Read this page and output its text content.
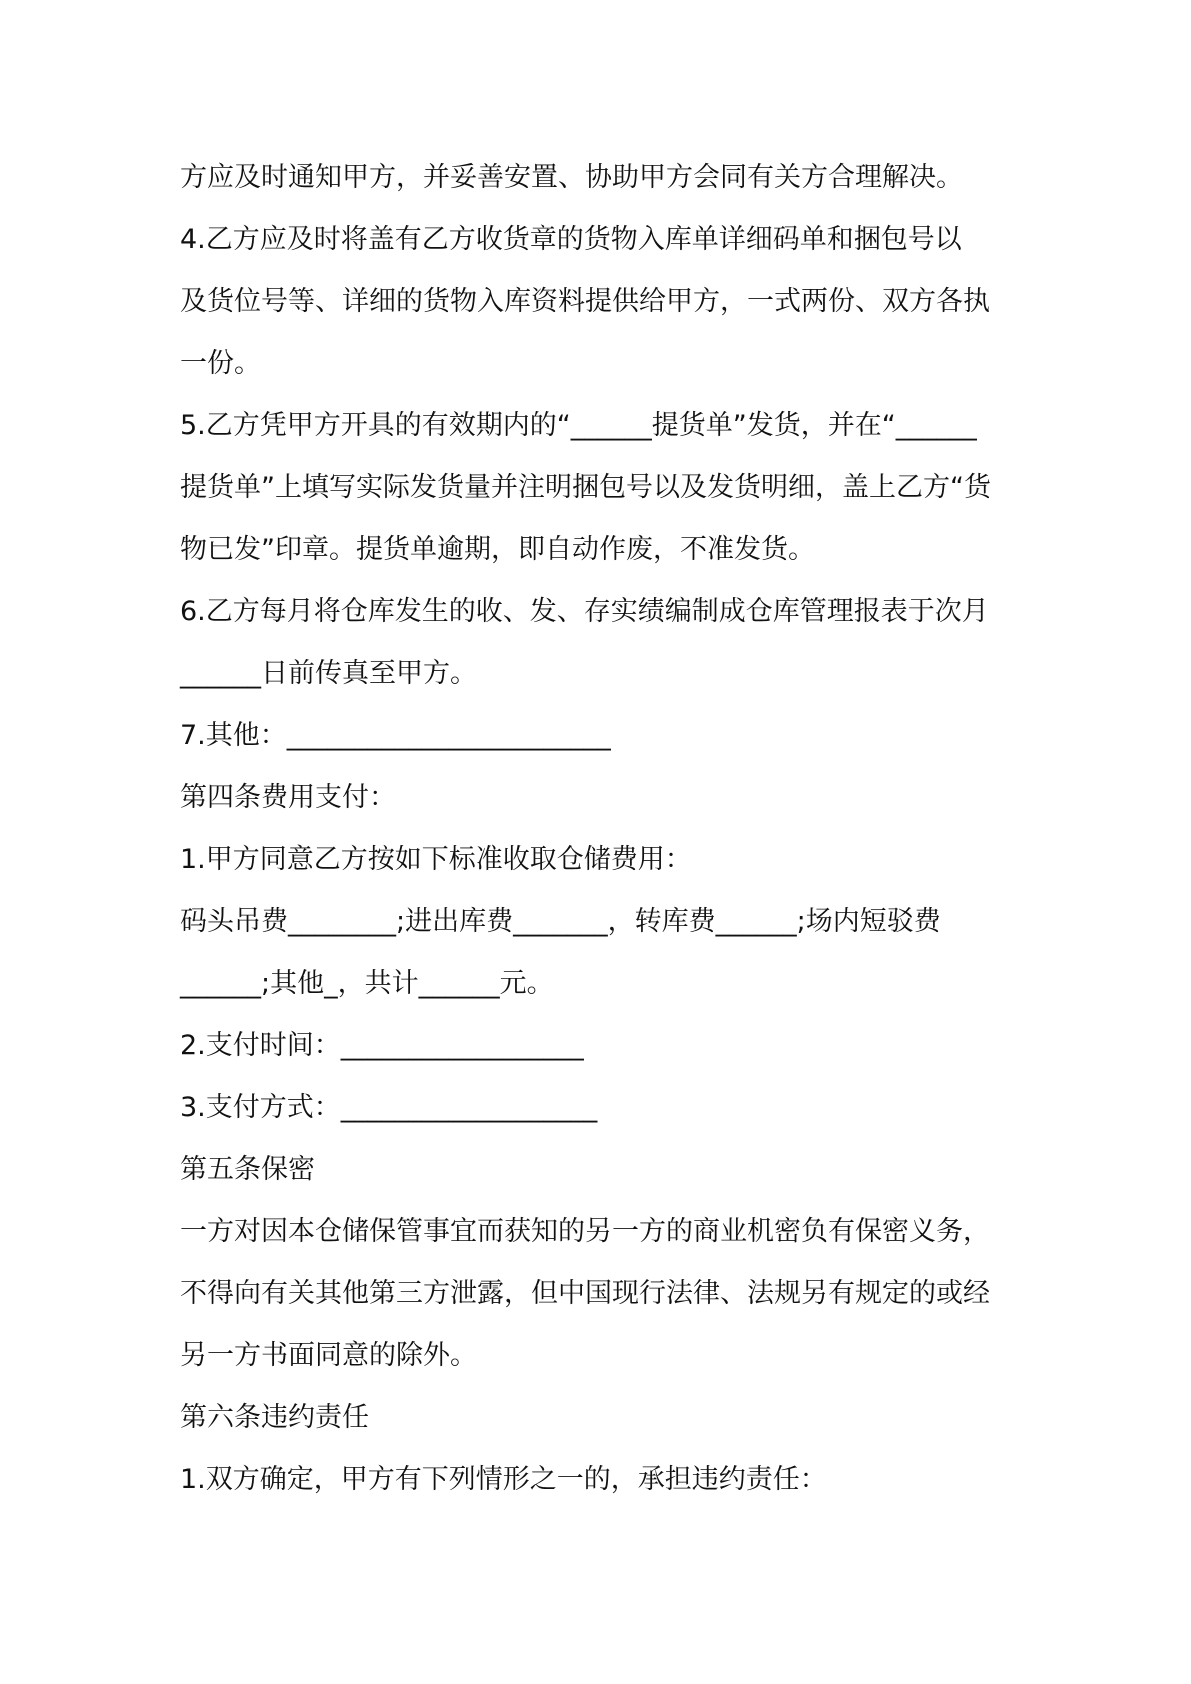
方应及时通知甲方，并妥善安置、协助甲方会同有关方合理解决。
4.乙方应及时将盖有乙方收货章的货物入库单详细码单和捆包号以
及货位号等、详细的货物入库资料提供给甲方，一式两份、双方各执
一份。
5.乙方凭甲方开具的有效期内的“______提货单”发货，并在“______
提货单”上填写实际发货量并注明捆包号以及发货明细，盖上乙方“货
物已发”印章。提货单逾期，即自动作废，不准发货。
6.乙方每月将仓库发生的收、发、存实绩编制成仓库管理报表于次月
______日前传真至甲方。
7.其他：________________________
第四条费用支付：
1.甲方同意乙方按如下标准收取仓储费用：
码头吊费________;进出库费_______，转库费______;场内短驳费
______;其他_，共计______元。
2.支付时间：__________________
3.支付方式：___________________
第五条保密
一方对因本仓储保管事宜而获知的另一方的商业机密负有保密义务，
不得向有关其他第三方泄露，但中国现行法律、法规另有规定的或经
另一方书面同意的除外。
第六条违约责任
1.双方确定，甲方有下列情形之一的，承担违约责任：
